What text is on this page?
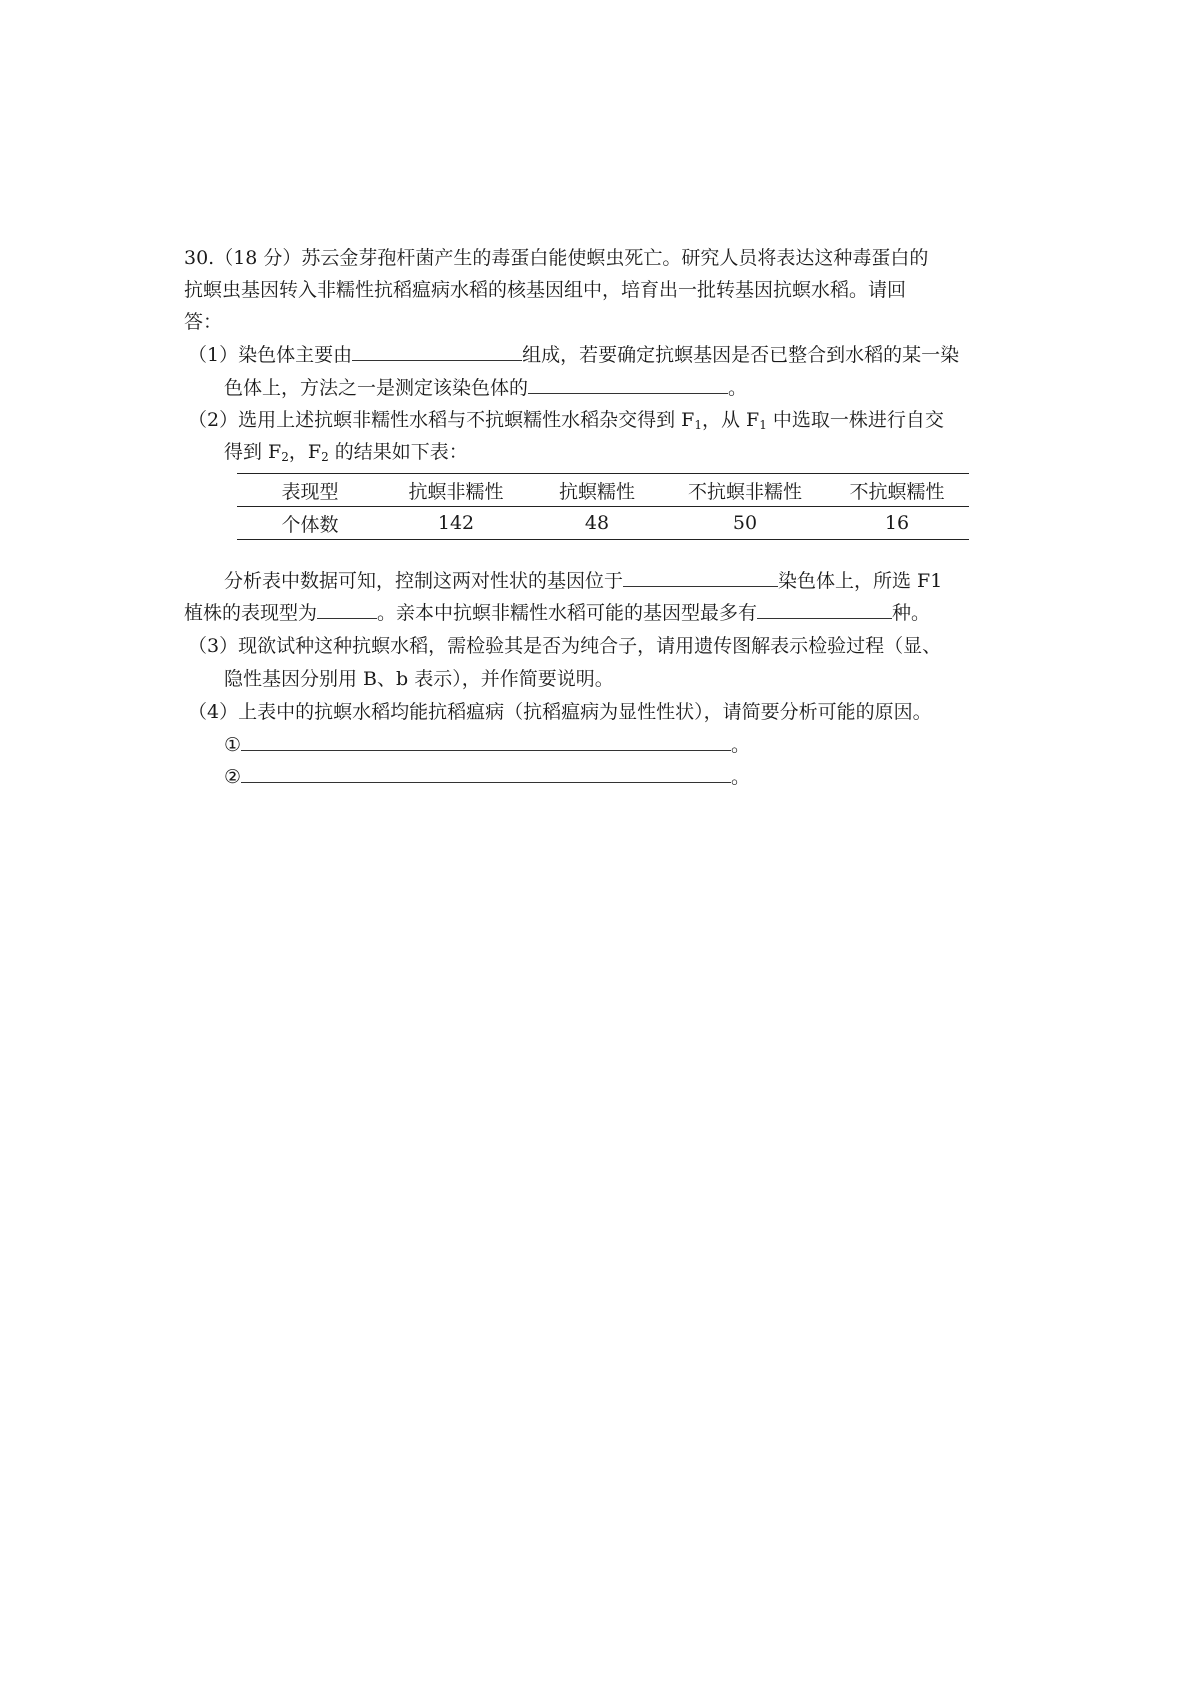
30.（18 分）苏云金芽孢杆菌产生的毒蛋白能使螟虫死亡。研究人员将表达这种毒蛋白的
抗螟虫基因转入非糯性抗稻瘟病水稻的核基因组中，培育出一批转基因抗螟水稻。请回
答：
（1）染色体主要由	组成，若要确定抗螟基因是否已整合到水稻的某一染
色体上，方法之一是测定该染色体的	。
（2）选用上述抗螟非糯性水稻与不抗螟糯性水稻杂交得到 $F_1$，从 $F_1$ 中选取一株进行自交
得到 $F_2$，$F_2$ 的结果如下表：
表现型	抗螟非糯性	抗螟糯性	不抗螟非糯性	不抗螟糯性
个体数	142	48	50	16
分析表中数据可知，控制这两对性状的基因位于	染色体上，所选 F1
植株的表现型为	。亲本中抗螟非糯性水稻可能的基因型最多有	种。
（3）现欲试种这种抗螟水稻，需检验其是否为纯合子，请用遗传图解表示检验过程（显、
隐性基因分别用 B、b 表示），并作简要说明。
（4）上表中的抗螟水稻均能抗稻瘟病（抗稻瘟病为显性性状），请简要分析可能的原因。
①	。
②	。
